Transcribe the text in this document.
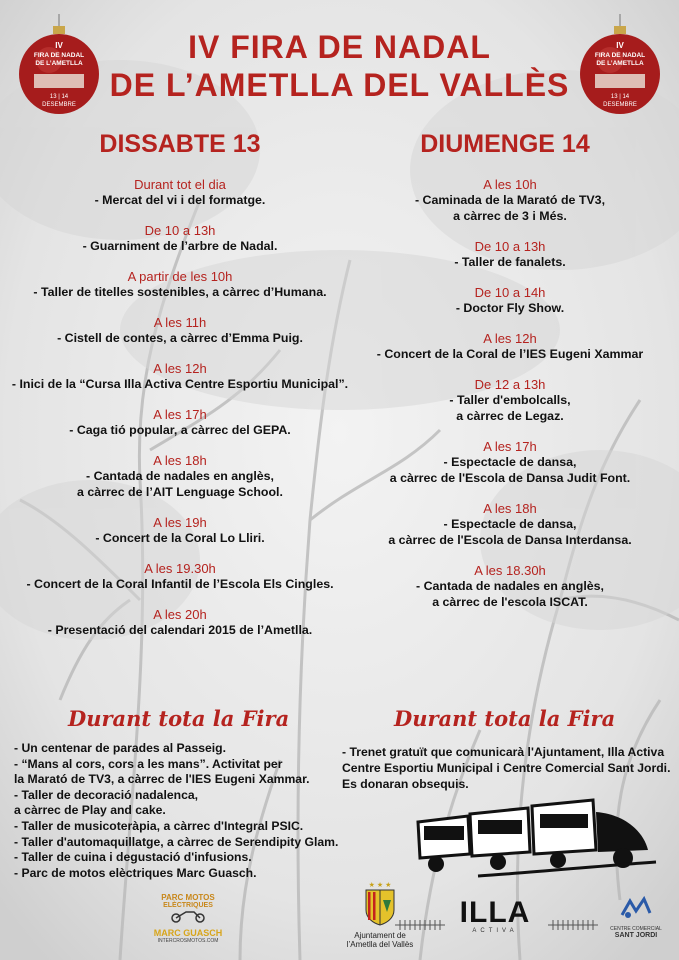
IV
FIRA DE NADAL
DE L’AMETLLA
13 | 14
DESEMBRE
IV
FIRA DE NADAL
DE L’AMETLLA
13 | 14
DESEMBRE
IV FIRA DE NADAL
DE L’AMETLLA DEL VALLÈS
DISSABTE 13	DIUMENGE 14
Durant tot el dia
- Mercat del vi i del formatge.
De 10 a 13h
- Guarniment de l’arbre de Nadal.
A partir de les 10h
- Taller de titelles sostenibles, a càrrec d’Humana.
A les 11h
- Cistell de contes, a càrrec d’Emma Puig.
A les 12h
- Inici de la “Cursa Illa Activa Centre Esportiu Municipal”.
A les 17h
- Caga tió popular, a càrrec del GEPA.
A les 18h
- Cantada de nadales en anglès,
a càrrec de l’AIT Lenguage School.
A les 19h
- Concert de la Coral Lo Lliri.
A les 19.30h
- Concert de la Coral Infantil de l’Escola Els Cingles.
A les 20h
- Presentació del calendari 2015 de l’Ametlla.
A les 10h
- Caminada de la Marató de TV3,
a càrrec de 3 i Més.
De 10 a 13h
- Taller de fanalets.
De 10 a 14h
- Doctor Fly Show.
A les 12h
- Concert de la Coral de l’IES Eugeni Xammar
De 12 a 13h
- Taller d'embolcalls,
a càrrec de Legaz.
A les 17h
- Espectacle de dansa,
a càrrec de l'Escola de Dansa Judit Font.
A les 18h
- Espectacle de dansa,
a càrrec de l'Escola de Dansa Interdansa.
A les 18.30h
- Cantada de nadales en anglès,
a càrrec de l'escola ISCAT.
Durant tota la Fira	Durant tota la Fira
- Un centenar de parades al Passeig.
- “Mans al cors, cors a les mans”. Activitat per
la Marató de TV3, a càrrec de l'IES Eugeni Xammar.
- Taller de decoració nadalenca,
a càrrec de Play and cake.
- Taller de musicoteràpia, a càrrec d'Integral PSIC.
- Taller d'automaquillatge, a càrrec de Serendipity Glam.
- Taller de cuina i degustació d'infusions.
- Parc de motos elèctriques Marc Guasch.
- Trenet gratuït que comunicarà l'Ajuntament, Illa Activa
Centre Esportiu Municipal i Centre Comercial Sant Jordi.
Es donaran obsequis.
PARC MOTOS
ELÈCTRIQUES
MARC GUASCH
INTERCROSMOTOS.COM
★ ★ ★
Ajuntament de
l’Ametlla del Vallès
ILLA
ACTIVA	CENTRE COMERCIAL
SANT JORDI
